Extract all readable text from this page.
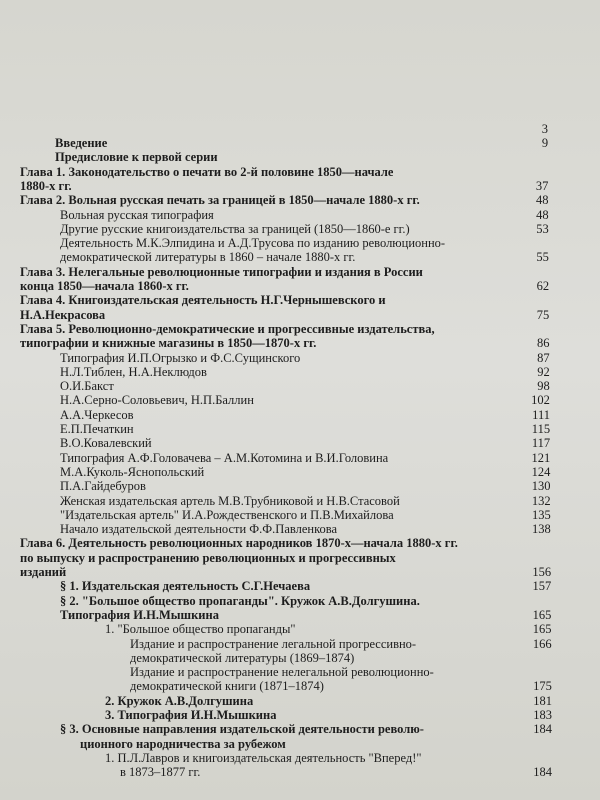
3
Введение	9
Предисловие к первой серии
Глава 1. Законодательство о печати во 2-й половине 1850—начале
1880-х гг.	37
Глава 2. Вольная русская печать за границей в 1850—начале 1880-х гг.	48
Вольная русская типография	48
Другие русские книгоиздательства за границей (1850—1860-е гг.)	53
Деятельность М.К.Элпидина и А.Д.Трусова по изданию революционно-
демократической литературы в 1860 – начале 1880-х гг.	55
Глава 3. Нелегальные революционные типографии и издания в России
конца 1850—начала 1860-х гг.	62
Глава 4. Книгоиздательская деятельность Н.Г.Чернышевского и
Н.А.Некрасова	75
Глава 5. Революционно-демократические и прогрессивные издательства,
типографии и книжные магазины в 1850—1870-х гг.	86
Типография И.П.Огрызко и Ф.С.Сущинского	87
Н.Л.Тиблен, Н.А.Неклюдов	92
О.И.Бакст	98
Н.А.Серно-Соловьевич, Н.П.Баллин	102
А.А.Черкесов	111
Е.П.Печаткин	115
В.О.Ковалевский	117
Типография А.Ф.Головачева – А.М.Котомина и В.И.Головина	121
М.А.Куколь-Яснопольский	124
П.А.Гайдебуров	130
Женская издательская артель М.В.Трубниковой и Н.В.Стасовой	132
"Издательская артель" И.А.Рождественского и П.В.Михайлова	135
Начало издательской деятельности Ф.Ф.Павленкова	138
Глава 6. Деятельность революционных народников 1870-х—начала 1880-х гг.
по выпуску и распространению революционных и прогрессивных
изданий	156
§ 1. Издательская деятельность С.Г.Нечаева	157
§ 2. "Большое общество пропаганды". Кружок А.В.Долгушина.
Типография И.Н.Мышкина	165
1. "Большое общество пропаганды"	165
Издание и распространение легальной прогрессивно-	166
демократической литературы (1869–1874)
Издание и распространение нелегальной революционно-
демократической книги (1871–1874)	175
2. Кружок А.В.Долгушина	181
3. Типография И.Н.Мышкина	183
§ 3. Основные направления издательской деятельности револю-	184
ционного народничества за рубежом
1. П.Л.Лавров и книгоиздательская деятельность "Вперед!"
в 1873–1877 гг.	184
